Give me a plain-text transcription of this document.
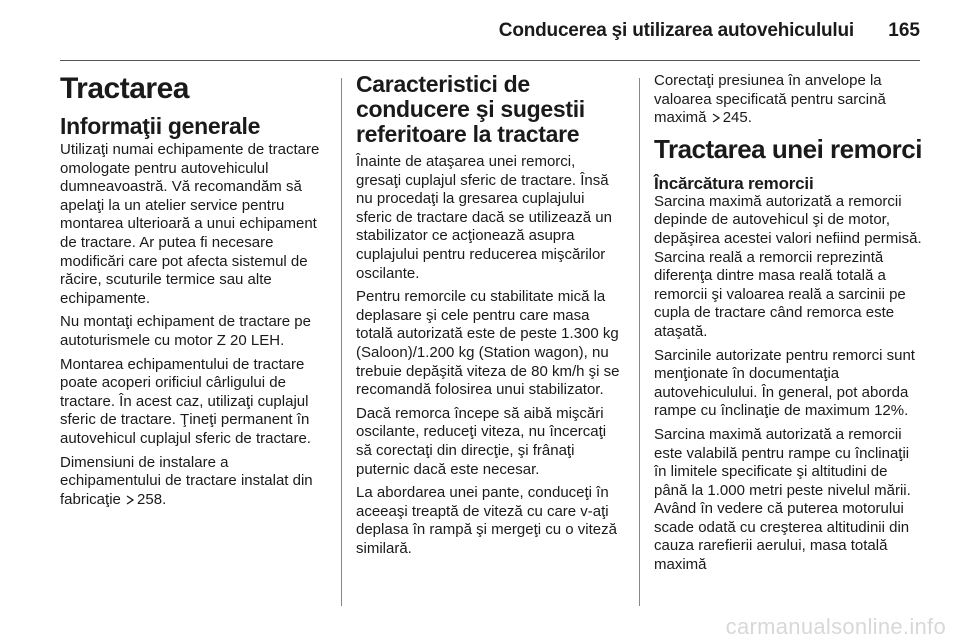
Conducerea şi utilizarea autovehiculului 165
Tractarea
Informaţii generale

Utilizaţi numai echipamente de tractare omologate pentru autovehiculul dumneavoastră. Vă recomandăm să apelaţi la un atelier service pentru montarea ulterioară a unui echipament de tractare. Ar putea fi necesare modificări care pot afecta sistemul de răcire, scuturile termice sau alte echipamente.

Nu montaţi echipament de tractare pe autoturismele cu motor Z 20 LEH.

Montarea echipamentului de tractare poate acoperi orificiul cârligului de tractare. În acest caz, utilizaţi cuplajul sferic de tractare. Ţineţi permanent în autovehicul cuplajul sferic de tractare.

Dimensiuni de instalare a echipamentului de tractare instalat din fabricaţie 258.

Caracteristici de conducere şi sugestii referitoare la tractare

Înainte de ataşarea unei remorci, gresaţi cuplajul sferic de tractare. Însă nu procedaţi la gresarea cuplajului sferic de tractare dacă se utilizează un stabilizator ce acţionează asupra cuplajului pentru reducerea mişcărilor oscilante.

Pentru remorcile cu stabilitate mică la deplasare şi cele pentru care masa totală autorizată este de peste 1.300 kg (Saloon)/1.200 kg (Station wagon), nu trebuie depăşită viteza de 80 km/h şi se recomandă folosirea unui stabilizator.

Dacă remorca începe să aibă mişcări oscilante, reduceţi viteza, nu încercaţi să corectaţi din direcţie, şi frânaţi puternic dacă este necesar.

La abordarea unei pante, conduceţi în aceeaşi treaptă de viteză cu care v-aţi deplasa în rampă şi mergeţi cu o viteză similară.

Corectaţi presiunea în anvelope la valoarea specificată pentru sarcină maximă 245.

Tractarea unei remorci
Încărcătura remorcii

Sarcina maximă autorizată a remorcii depinde de autovehicul şi de motor, depăşirea acestei valori nefiind permisă. Sarcina reală a remorcii reprezintă diferenţa dintre masa reală totală a remorcii şi valoarea reală a sarcinii pe cupla de tractare când remorca este ataşată.

Sarcinile autorizate pentru remorci sunt menţionate în documentaţia autovehiculului. În general, pot aborda rampe cu înclinaţie de maximum 12%.

Sarcina maximă autorizată a remorcii este valabilă pentru rampe cu înclinaţii în limitele specificate şi altitudini de până la 1.000 metri peste nivelul mării. Având în vedere că puterea motorului scade odată cu creşterea altitudinii din cauza rarefierii aerului, masa totală maximă

carmanualsonline.info
